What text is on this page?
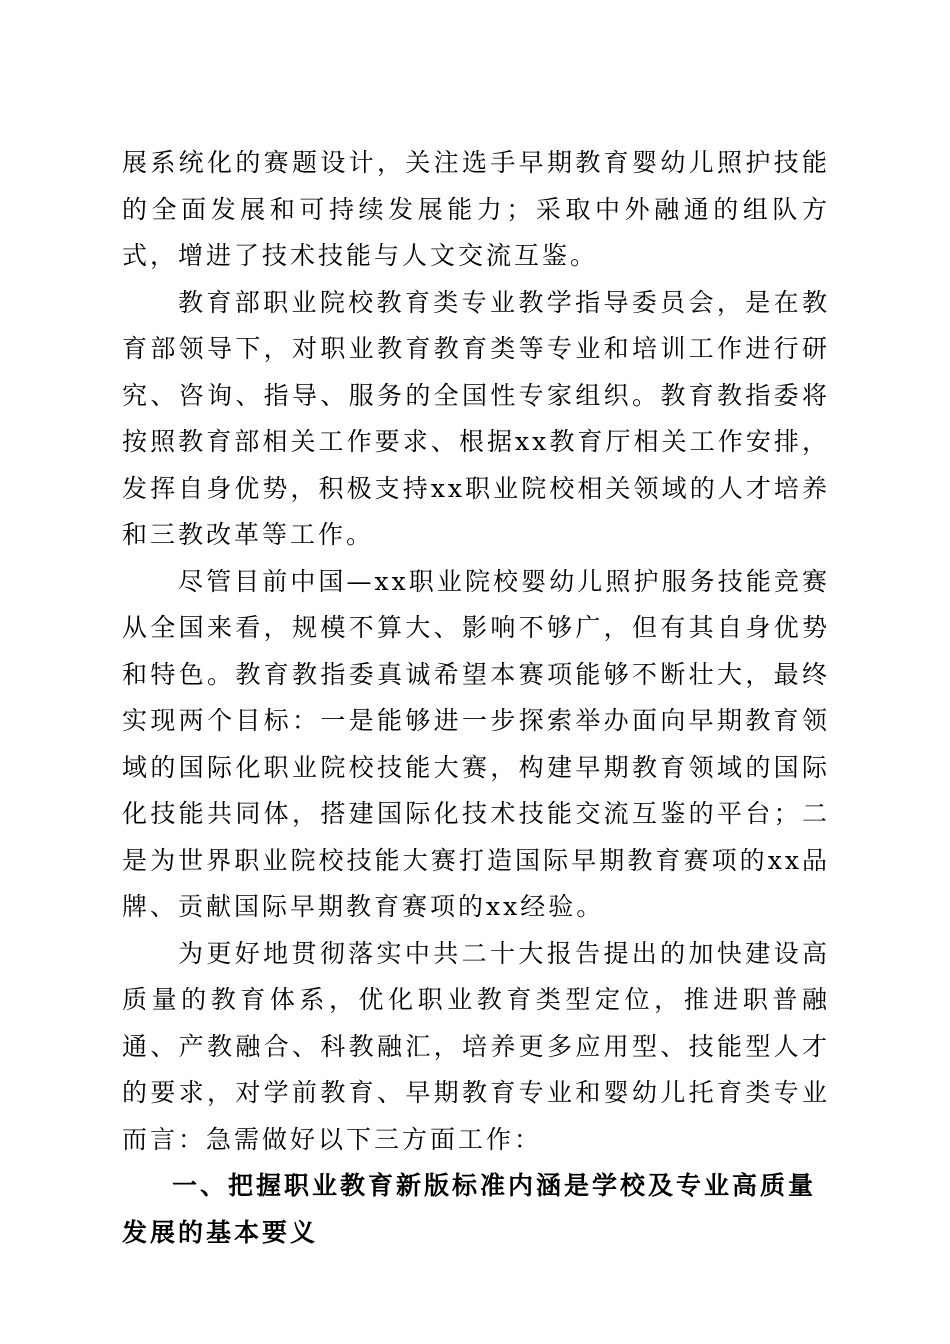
展系统化的赛题设计，关注选手早期教育婴幼儿照护技能的全面发展和可持续发展能力；采取中外融通的组队方式，增进了技术技能与人文交流互鉴。

教育部职业院校教育类专业教学指导委员会，是在教育部领导下，对职业教育教育类等专业和培训工作进行研究、咨询、指导、服务的全国性专家组织。教育教指委将按照教育部相关工作要求、根据xx教育厅相关工作安排，发挥自身优势，积极支持xx职业院校相关领域的人才培养和三教改革等工作。

尽管目前中国—xx职业院校婴幼儿照护服务技能竞赛从全国来看，规模不算大、影响不够广，但有其自身优势和特色。教育教指委真诚希望本赛项能够不断壮大，最终实现两个目标：一是能够进一步探索举办面向早期教育领域的国际化职业院校技能大赛，构建早期教育领域的国际化技能共同体，搭建国际化技术技能交流互鉴的平台；二是为世界职业院校技能大赛打造国际早期教育赛项的xx品牌、贡献国际早期教育赛项的xx经验。

为更好地贯彻落实中共二十大报告提出的加快建设高质量的教育体系，优化职业教育类型定位，推进职普融通、产教融合、科教融汇，培养更多应用型、技能型人才的要求，对学前教育、早期教育专业和婴幼儿托育类专业而言：急需做好以下三方面工作：

一、把握职业教育新版标准内涵是学校及专业高质量发展的基本要义
